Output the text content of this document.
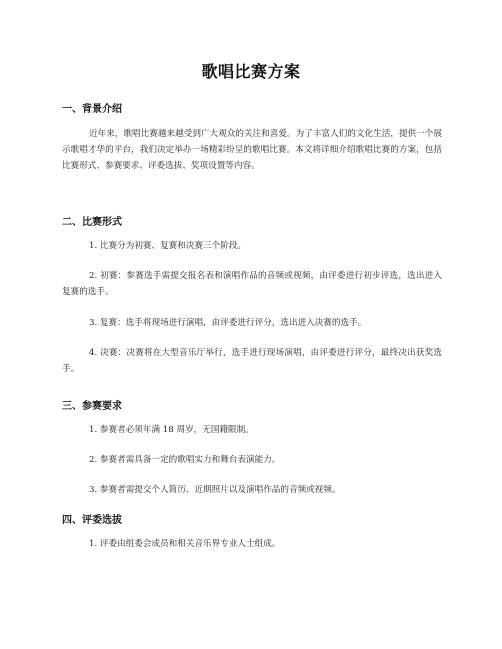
歌唱比赛方案
一、背景介绍
近年来，歌唱比赛越来越受到广大观众的关注和喜爱。为了丰富人们的文化生活，提供一个展示歌唱才华的平台，我们决定举办一场精彩纷呈的歌唱比赛。本文将详细介绍歌唱比赛的方案，包括比赛形式、参赛要求、评委选拔、奖项设置等内容。
二、比赛形式
1. 比赛分为初赛、复赛和决赛三个阶段。
2. 初赛：参赛选手需提交报名表和演唱作品的音频或视频，由评委进行初步评选，选出进入复赛的选手。
3. 复赛：选手将现场进行演唱，由评委进行评分，选出进入决赛的选手。
4. 决赛：决赛将在大型音乐厅举行，选手进行现场演唱，由评委进行评分，最终决出获奖选手。
三、参赛要求
1. 参赛者必须年满 18 周岁，无国籍限制。
2. 参赛者需具备一定的歌唱实力和舞台表演能力。
3. 参赛者需提交个人简历、近期照片以及演唱作品的音频或视频。
四、评委选拔
1. 评委由组委会成员和相关音乐界专业人士组成。
